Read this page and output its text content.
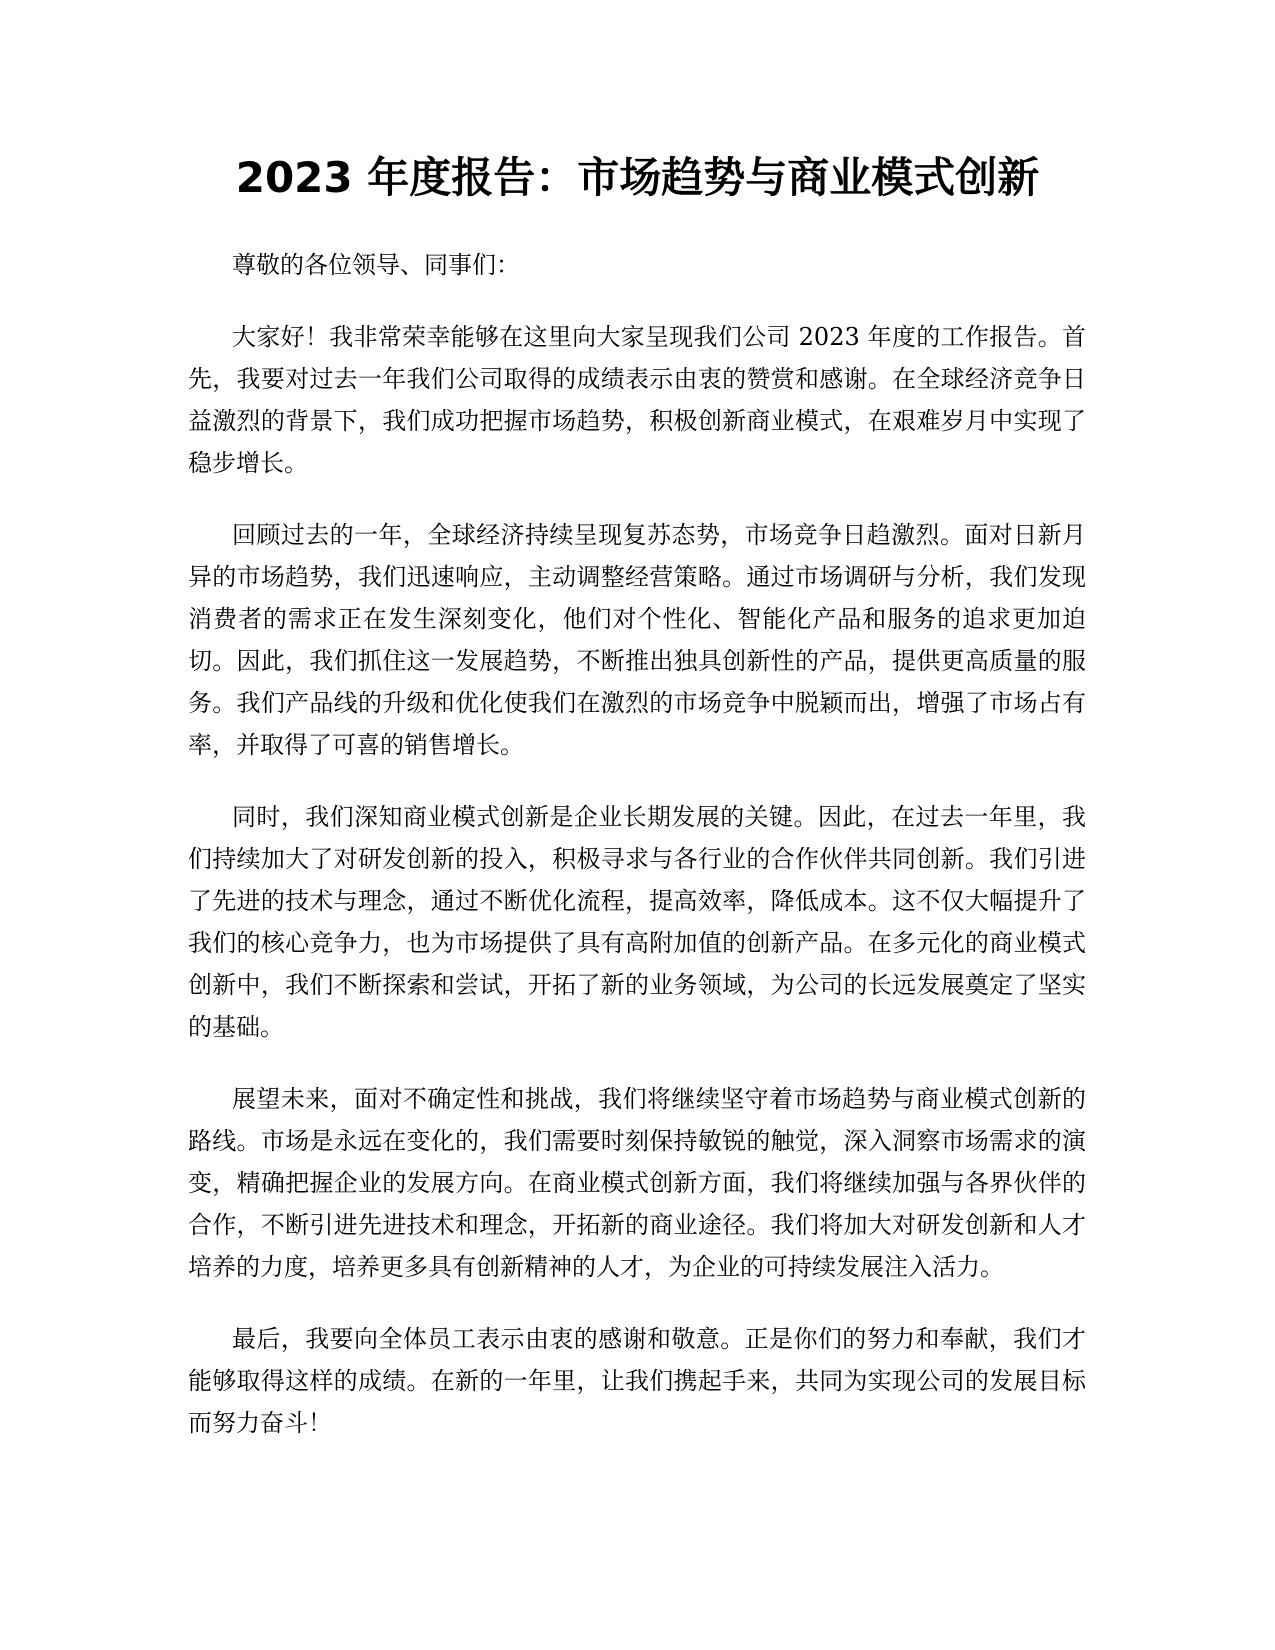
2023 年度报告：市场趋势与商业模式创新

尊敬的各位领导、同事们：

大家好！我非常荣幸能够在这里向大家呈现我们公司 2023 年度的工作报告。首先，我要对过去一年我们公司取得的成绩表示由衷的赞赏和感谢。在全球经济竞争日益激烈的背景下，我们成功把握市场趋势，积极创新商业模式，在艰难岁月中实现了稳步增长。

回顾过去的一年，全球经济持续呈现复苏态势，市场竞争日趋激烈。面对日新月异的市场趋势，我们迅速响应，主动调整经营策略。通过市场调研与分析，我们发现消费者的需求正在发生深刻变化，他们对个性化、智能化产品和服务的追求更加迫切。因此，我们抓住这一发展趋势，不断推出独具创新性的产品，提供更高质量的服务。我们产品线的升级和优化使我们在激烈的市场竞争中脱颖而出，增强了市场占有率，并取得了可喜的销售增长。

同时，我们深知商业模式创新是企业长期发展的关键。因此，在过去一年里，我们持续加大了对研发创新的投入，积极寻求与各行业的合作伙伴共同创新。我们引进了先进的技术与理念，通过不断优化流程，提高效率，降低成本。这不仅大幅提升了我们的核心竞争力，也为市场提供了具有高附加值的创新产品。在多元化的商业模式创新中，我们不断探索和尝试，开拓了新的业务领域，为公司的长远发展奠定了坚实的基础。

展望未来，面对不确定性和挑战，我们将继续坚守着市场趋势与商业模式创新的路线。市场是永远在变化的，我们需要时刻保持敏锐的触觉，深入洞察市场需求的演变，精确把握企业的发展方向。在商业模式创新方面，我们将继续加强与各界伙伴的合作，不断引进先进技术和理念，开拓新的商业途径。我们将加大对研发创新和人才培养的力度，培养更多具有创新精神的人才，为企业的可持续发展注入活力。

最后，我要向全体员工表示由衷的感谢和敬意。正是你们的努力和奉献，我们才能够取得这样的成绩。在新的一年里，让我们携起手来，共同为实现公司的发展目标而努力奋斗！
